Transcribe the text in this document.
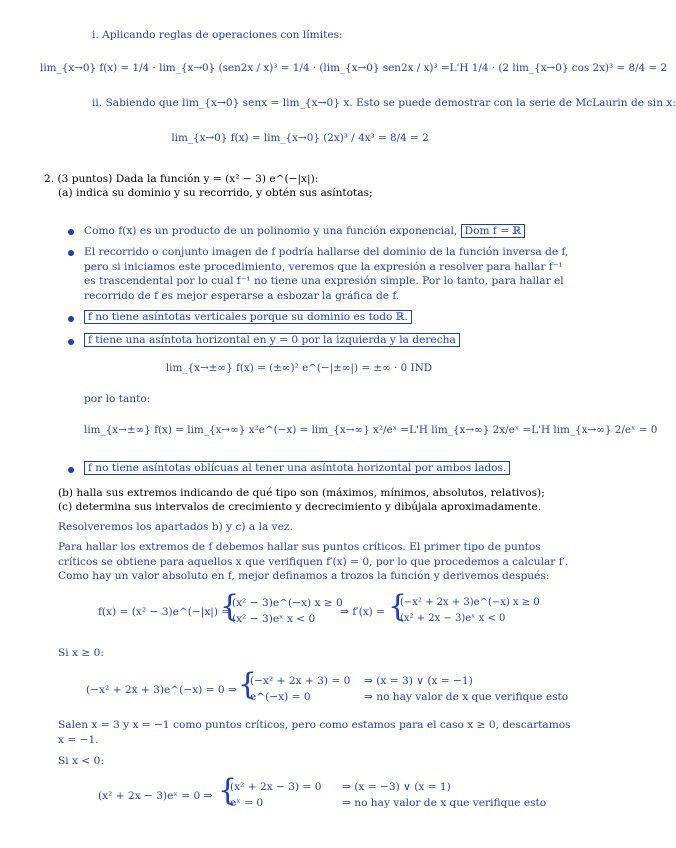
i. Aplicando reglas de operaciones con límites:
lim_{x→0} f(x) = 1/4 · lim_{x→0} (sen2x / x)³ = 1/4 · (lim_{x→0} sen2x / x)³ =L'H 1/4 · (2 lim_{x→0} cos 2x)³ = 8/4 = 2
ii. Sabiendo que lim_{x→0} senx = lim_{x→0} x. Esto se puede demostrar con la serie de McLaurin de sin x:
lim_{x→0} f(x) = lim_{x→0} (2x)³ / 4x³ = 8/4 = 2
2. (3 puntos) Dada la función y = (x² − 3) e^(−|x|):
(a) indica su dominio y su recorrido, y obtén sus asíntotas;
Como f(x) es un producto de un polinomio y una función exponencial, Dom f = ℝ
El recorrido o conjunto imagen de f podría hallarse del dominio de la función inversa de f, pero si iniciamos este procedimiento, veremos que la expresión a resolver para hallar f⁻¹ es trascendental por lo cual f⁻¹ no tiene una expresión simple. Por lo tanto, para hallar el recorrido de f es mejor esperarse a esbozar la gráfica de f.
f no tiene asíntotas verticales porque su dominio es todo ℝ.
f tiene una asíntota horizontal en y = 0 por la izquierda y la derecha
lim_{x→±∞} f(x) = (±∞)² e^(−|±∞|) = ±∞ · 0 IND
por lo tanto:
lim_{x→±∞} f(x) = lim_{x→∞} x²e^(−x) = lim_{x→∞} x²/eˣ =L'H lim_{x→∞} 2x/eˣ =L'H lim_{x→∞} 2/eˣ = 0
f no tiene asíntotas oblícuas al tener una asíntota horizontal por ambos lados.
(b) halla sus extremos indicando de qué tipo son (máximos, mínimos, absolutos, relativos);
(c) determina sus intervalos de crecimiento y decrecimiento y dibújala aproximadamente.
Resolveremos los apartados b) y c) a la vez.
Para hallar los extremos de f debemos hallar sus puntos críticos. El primer tipo de puntos críticos se obtiene para aquellos x que verifiquen f′(x) = 0, por lo que procedemos a calcular f′. Como hay un valor absoluto en f, mejor definamos a trozos la función y derivemos después:
f(x) = (x² − 3)e^(−|x|) =
{
(x² − 3)e^(−x) x ≥ 0
(x² − 3)eˣ x < 0
⇒ f′(x) = {
(−x² + 2x + 3)e^(−x) x ≥ 0
(x² + 2x − 3)eˣ x < 0
Si x ≥ 0:
(−x² + 2x + 3)e^(−x) = 0 ⇒ {
(−x² + 2x + 3) = 0 ⇒ (x = 3) ∨ (x = −1)
e^(−x) = 0	⇒ no hay valor de x que verifique esto
Salen x = 3 y x = −1 como puntos críticos, pero como estamos para el caso x ≥ 0, descartamos x = −1.
Si x < 0:
(x² + 2x − 3)eˣ = 0 ⇒ {
(x² + 2x − 3) = 0 ⇒ (x = −3) ∨ (x = 1)
eˣ = 0	⇒ no hay valor de x que verifique esto
